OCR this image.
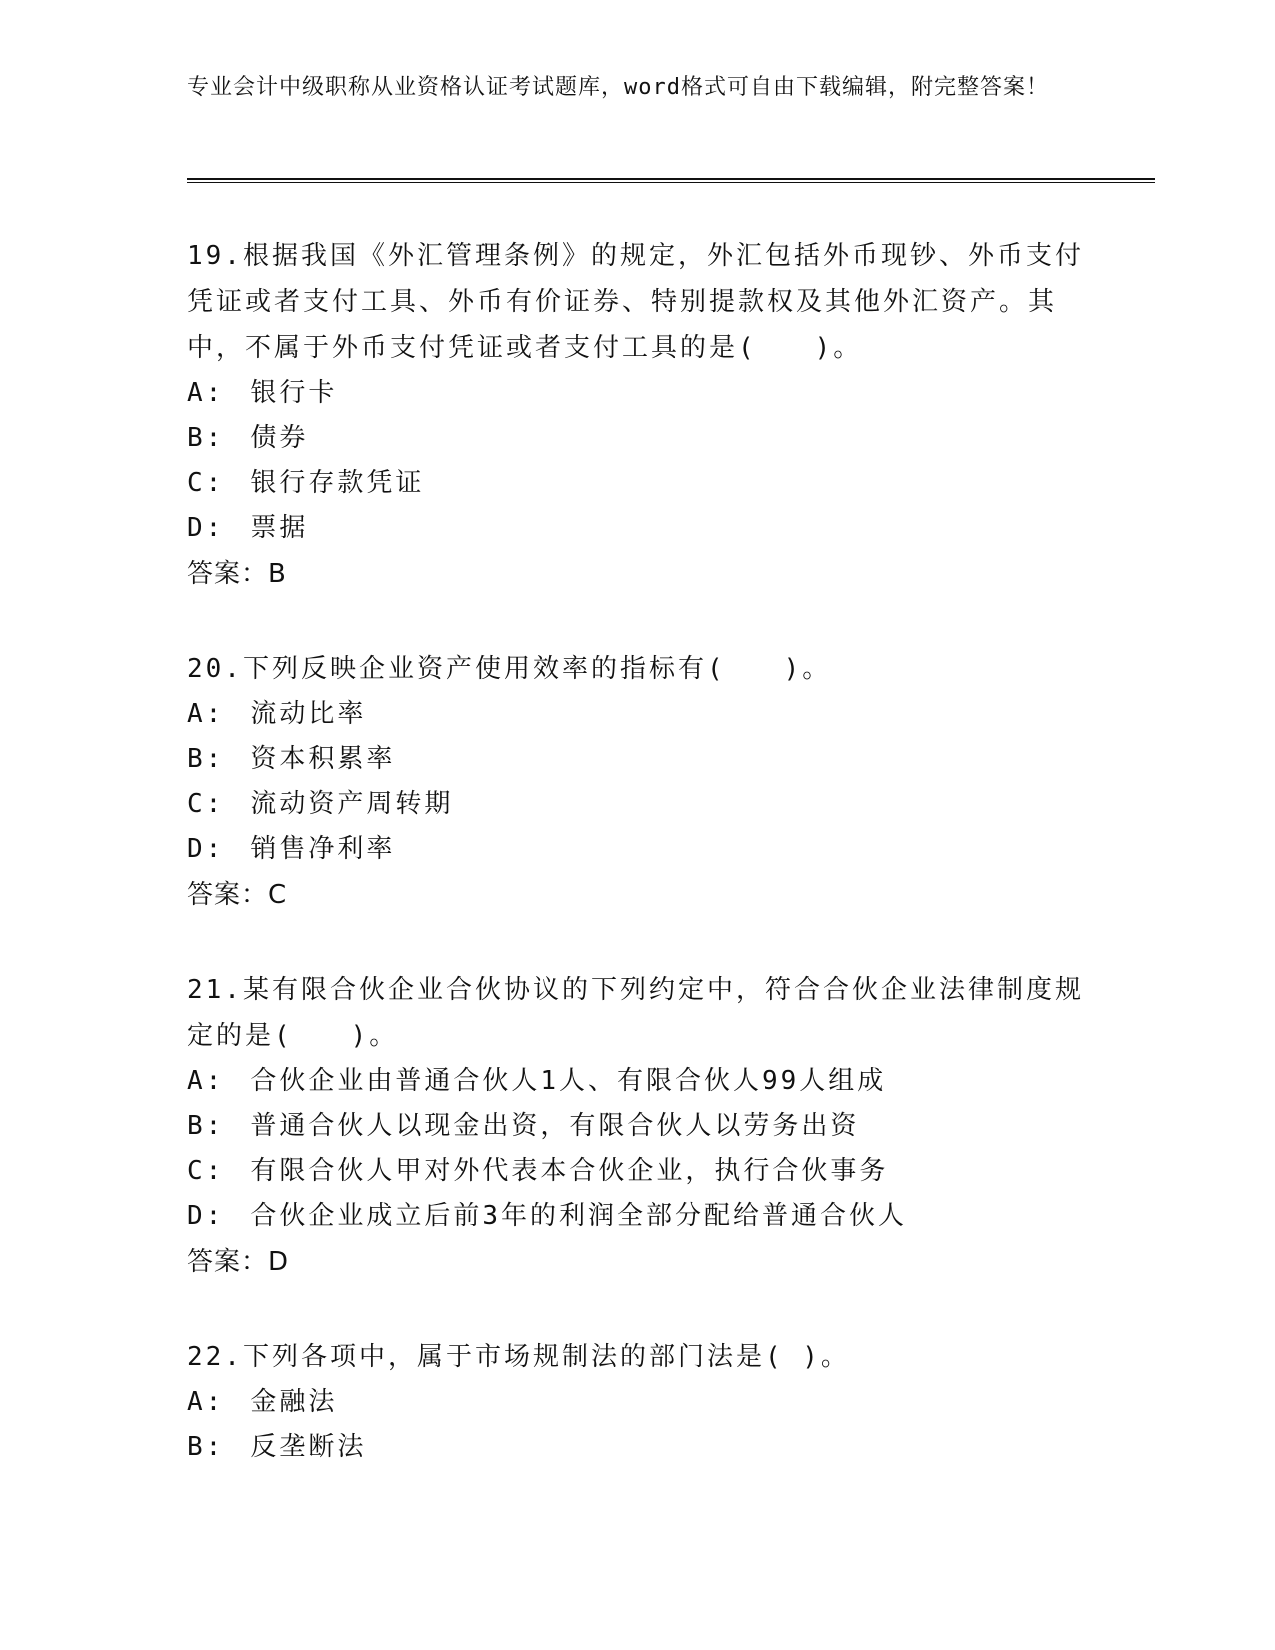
专业会计中级职称从业资格认证考试题库，word格式可自由下载编辑，附完整答案！

19.根据我国《外汇管理条例》的规定，外汇包括外币现钞、外币支付凭证或者支付工具、外币有价证券、特别提款权及其他外汇资产。其中，不属于外币支付凭证或者支付工具的是(　　)。

A: 银行卡

B: 债券

C: 银行存款凭证

D: 票据

答案：B

20.下列反映企业资产使用效率的指标有(　　)。

A: 流动比率

B: 资本积累率

C: 流动资产周转期

D: 销售净利率

答案：C

21.某有限合伙企业合伙协议的下列约定中，符合合伙企业法律制度规定的是(　　)。

A: 合伙企业由普通合伙人1人、有限合伙人99人组成

B: 普通合伙人以现金出资，有限合伙人以劳务出资

C: 有限合伙人甲对外代表本合伙企业，执行合伙事务

D: 合伙企业成立后前3年的利润全部分配给普通合伙人

答案：D

22.下列各项中，属于市场规制法的部门法是( )。

A: 金融法

B: 反垄断法
